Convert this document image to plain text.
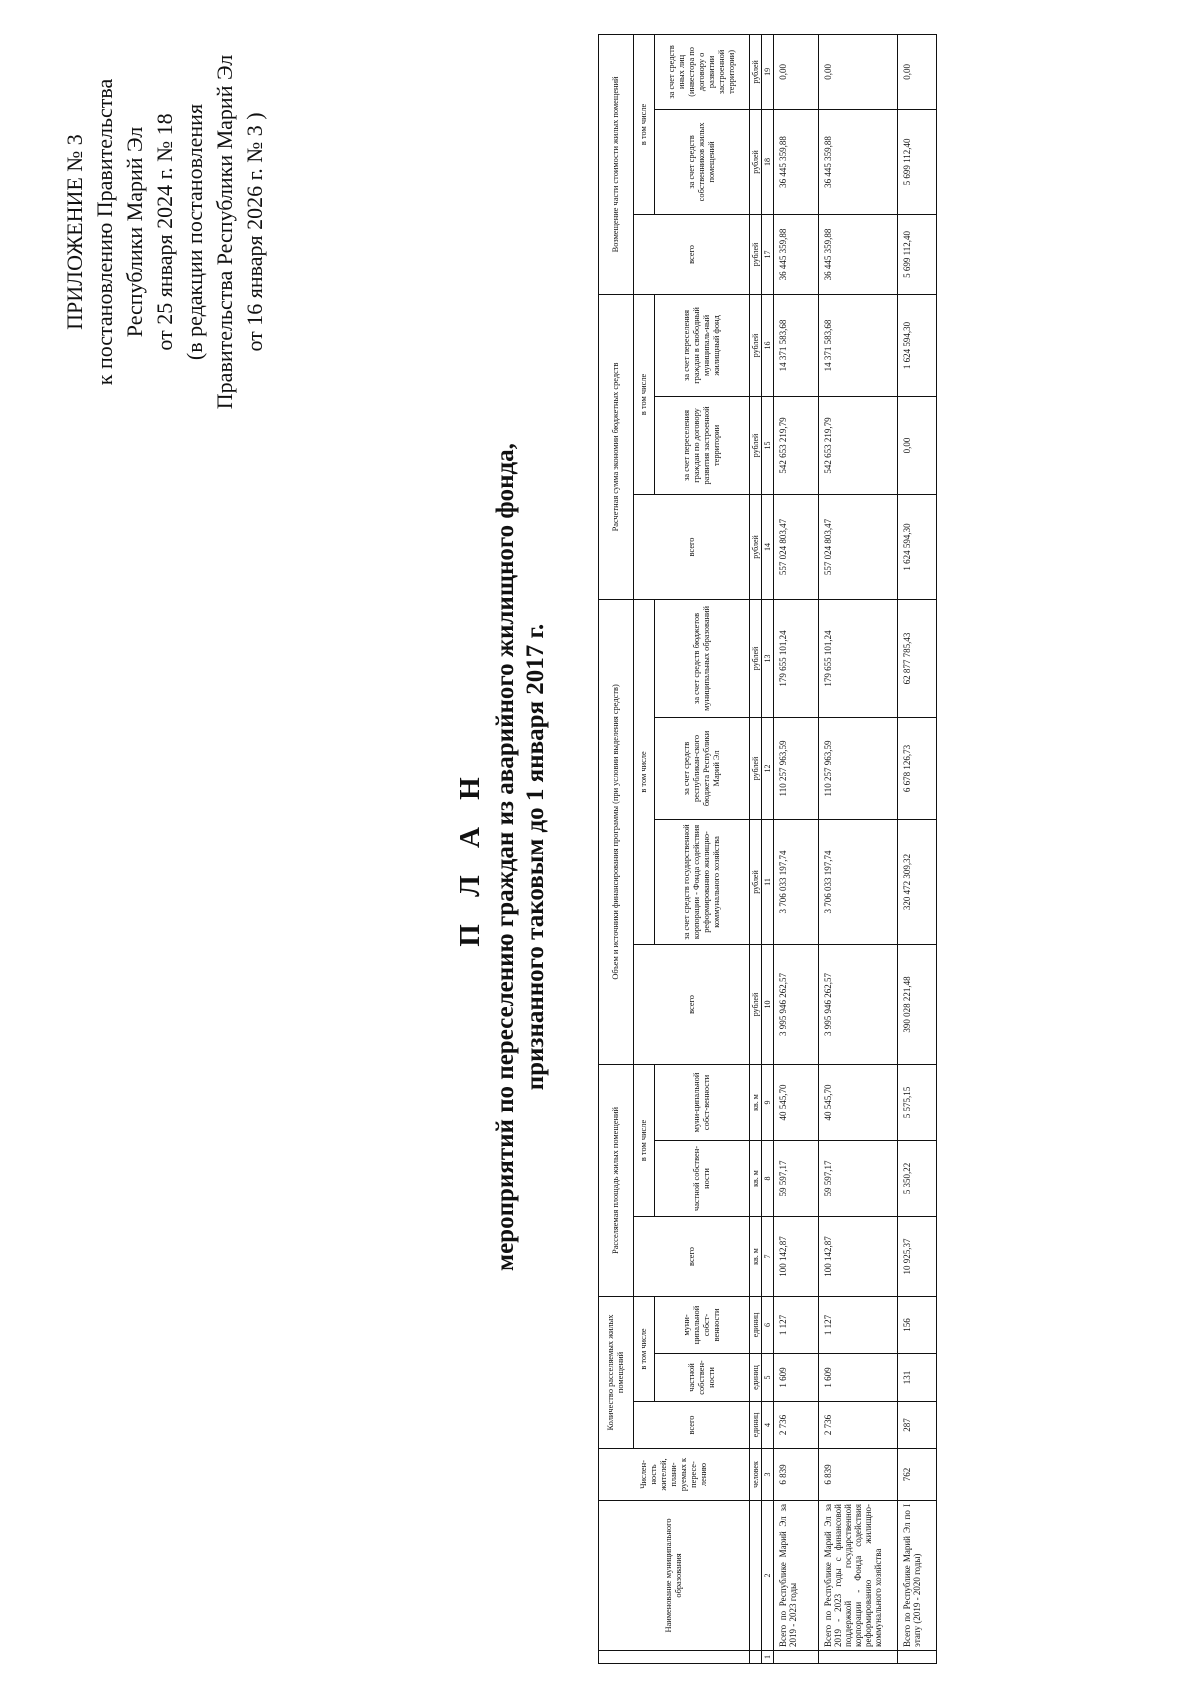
ПРИЛОЖЕНИЕ № 3 к постановлению Правительства Республики Марий Эл от 25 января 2024 г. № 18 (в редакции постановления Правительства Республики Марий Эл от 16 января 2026 г. № 3 )
П Л А Н мероприятий по переселению граждан из аварийного жилищного фонда, признанного таковым до 1 января 2017 г.
	Наименование муниципального образования	Числен-ность жителей, плани-руемых к пересе-лению	Количество расселяемых жилых помещений			Расселяемая площадь жилых помещений			Объем и источники финансирования программы (при условии выделения средств)				Расчетная сумма экономии бюджетных средств			Возмещение части стоимости жилых помещений		
			всего	в том числе		всего	в том числе		всего	в том числе			всего	в том числе		всего	в том числе	
				частной собствен-ности	муни-ципальной собст-венности		частной собствен-ности	муни-ципальной собст-венности		за счет средств государственной корпорации - Фонда содействия реформированию жилищно-коммунального хозяйства	за счет средств республикан-ского бюджета Республики Марий Эл	за счет средств бюджетов муниципальных образований		за счет переселения граждан по договору развития застроенной территории	за счет переселения граждан в свободный муниципаль-ный жилищный фонд		за счет средств собственников жилых помещений	за счет средств иных лиц (инвестора по договору о развитии застроенной территории)
		человек	единиц	единиц	единиц	кв. м	кв. м	кв. м	рублей	рублей	рублей	рублей	рублей	рублей	рублей	рублей	рублей	рублей
1	2	3	4	5	6	7	8	9	10	11	12	13	14	15	16	17	18	19
	Всего по Республике Марий Эл за 2019 - 2023 годы	6 839	2 736	1 609	1 127	100 142,87	59 597,17	40 545,70	3 995 946 262,57	3 706 033 197,74	110 257 963,59	179 655 101,24	557 024 803,47	542 653 219,79	14 371 583,68	36 445 359,88	36 445 359,88	0,00
	Всего по Республике Марий Эл за 2019 - 2023 годы с финансовой поддержкой государственной корпорации - Фонда содействия реформированию жилищно-коммунального хозяйства	6 839	2 736	1 609	1 127	100 142,87	59 597,17	40 545,70	3 995 946 262,57	3 706 033 197,74	110 257 963,59	179 655 101,24	557 024 803,47	542 653 219,79	14 371 583,68	36 445 359,88	36 445 359,88	0,00
	Всего по Республике Марий Эл по I этапу (2019 - 2020 годы)	762	287	131	156	10 925,37	5 350,22	5 575,15	390 028 221,48	320 472 309,32	6 678 126,73	62 877 785,43	1 624 594,30	0,00	1 624 594,30	5 699 112,40	5 699 112,40	0,00
